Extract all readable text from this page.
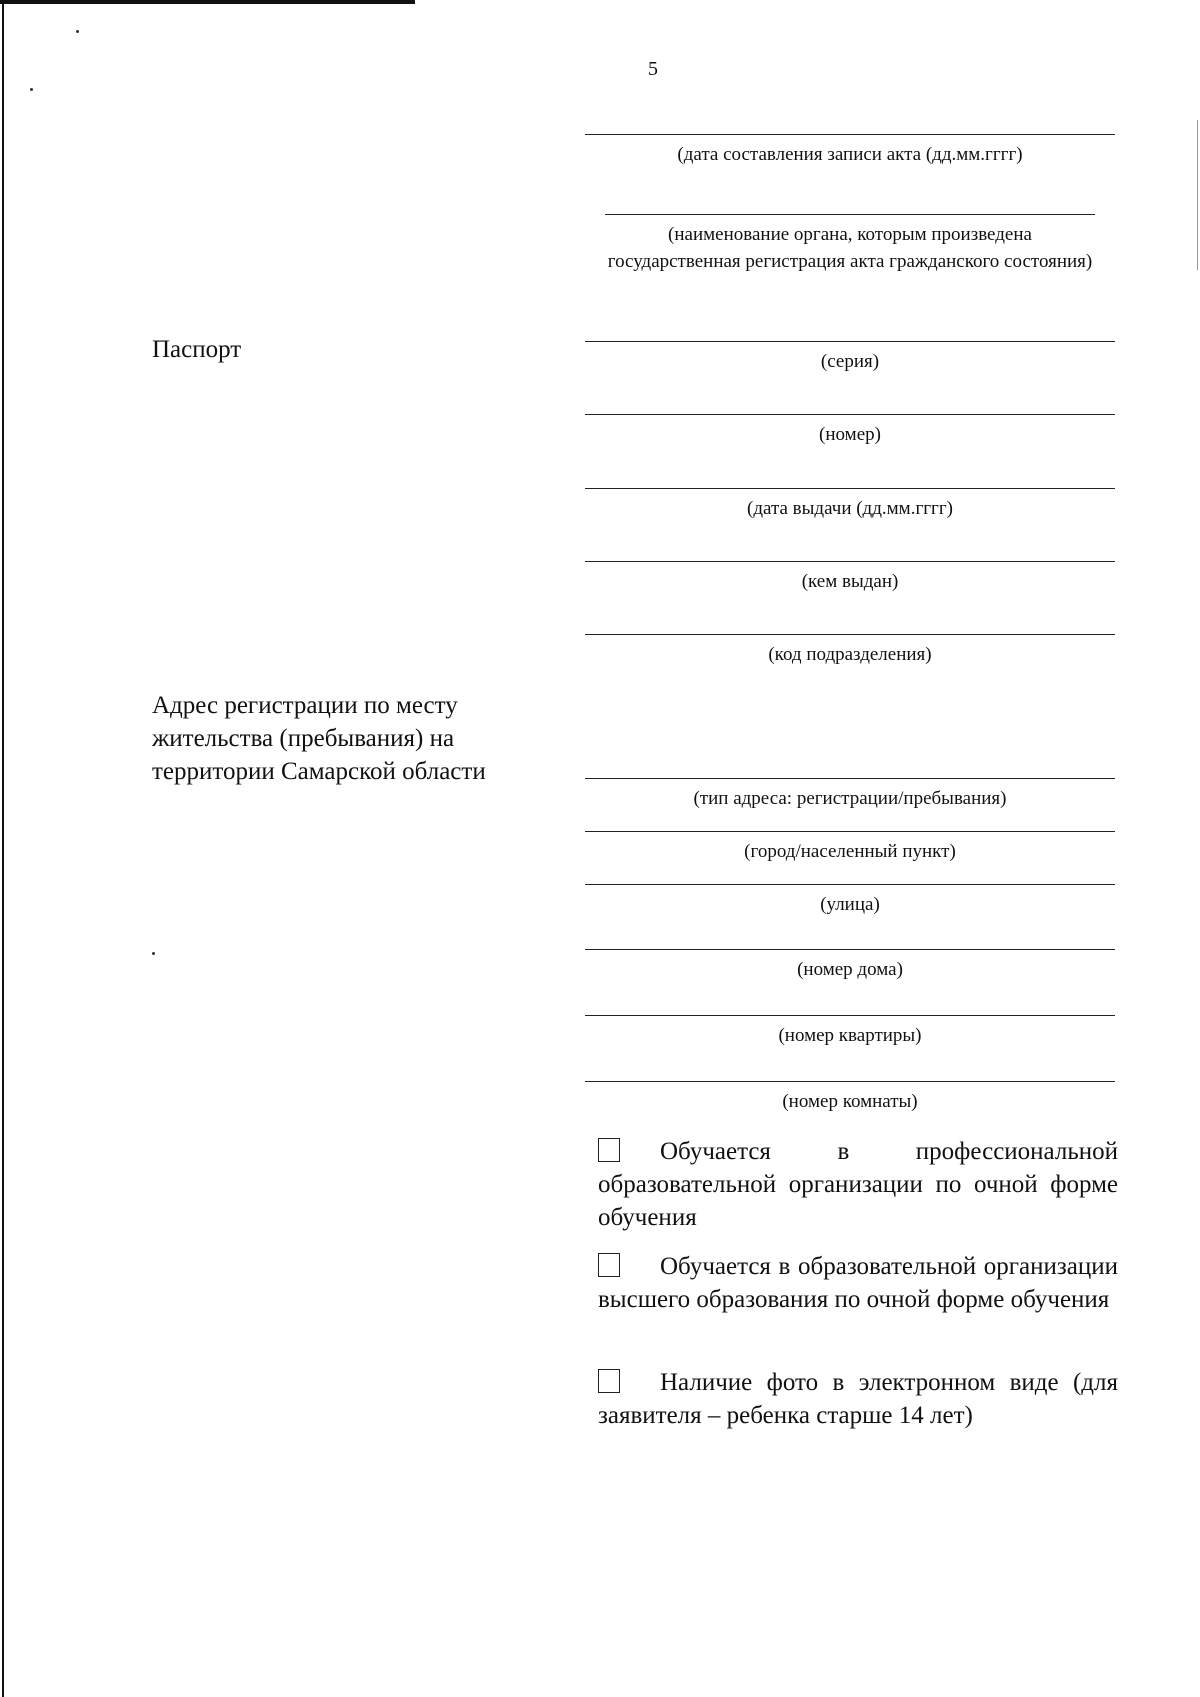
5
Паспорт
Адрес регистрации по месту жительства (пребывания) на территории Самарской области
(дата составления записи акта (дд.мм.гггг)
(наименование органа, которым произведена государственная регистрация акта гражданского состояния)
(серия)
(номер)
(дата выдачи (дд.мм.гггг)
(кем выдан)
(код подразделения)
(тип адреса: регистрации/пребывания)
(город/населенный пункт)
(улица)
(номер дома)
(номер квартиры)
(номер комнаты)
Обучается в профессиональной образовательной организации по очной форме обучения
Обучается в образовательной организации высшего образования по очной форме обучения
Наличие фото в электронном виде (для заявителя – ребенка старше 14 лет)
